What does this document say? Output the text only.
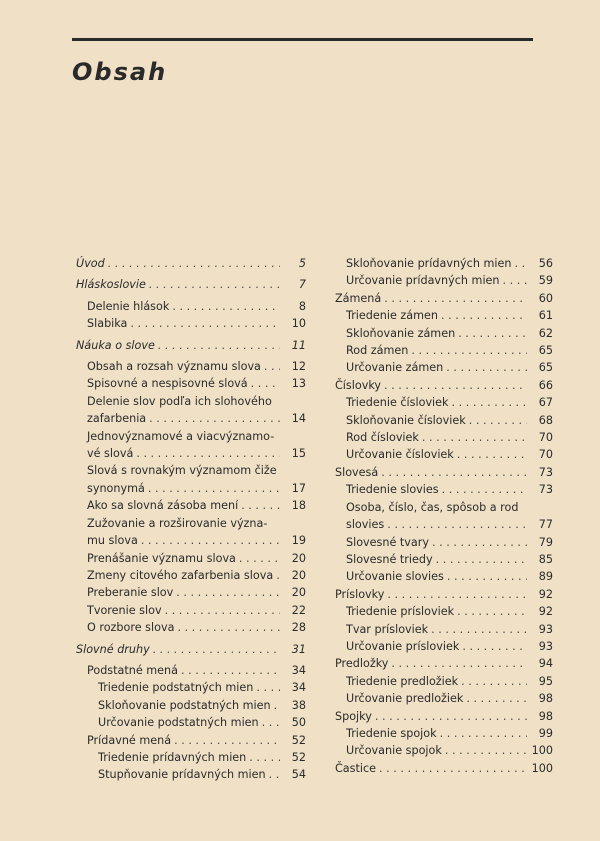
Obsah
Úvod . . .	5
Hláskoslovie . . .	7
Delenie hlások . . .	8
Slabika . . .	10
Náuka o slove . . .	11
Obsah a rozsah významu slova . . .	12
Spisovné a nespisovné slová . . .	13
Delenie slov podľa ich slohového
zafarbenia . . .	14
Jednovýznamové a viacvýznamo-
vé slová . . .	15
Slová s rovnakým významom čiže
synonymá . . .	17
Ako sa slovná zásoba mení . . .	18
Zužovanie a rozširovanie význa-
mu slova . . .	19
Prenášanie významu slova . . .	20
Zmeny citového zafarbenia slova . . .	20
Preberanie slov . . .	20
Tvorenie slov . . .	22
O rozbore slova . . .	28
Slovné druhy . . .	31
Podstatné mená . . .	34
Triedenie podstatných mien . . .	34
Skloňovanie podstatných mien . . .	38
Určovanie podstatných mien . . .	50
Prídavné mená . . .	52
Triedenie prídavných mien . . .	52
Stupňovanie prídavných mien . . .	54
Skloňovanie prídavných mien . . .	56
Určovanie prídavných mien . . .	59
Zámená . . .	60
Triedenie zámen . . .	61
Skloňovanie zámen . . .	62
Rod zámen . . .	65
Určovanie zámen . . .	65
Číslovky . . .	66
Triedenie čísloviek . . .	67
Skloňovanie čísloviek . . .	68
Rod čísloviek . . .	70
Určovanie čísloviek . . .	70
Slovesá . . .	73
Triedenie slovies . . .	73
Osoba, číslo, čas, spôsob a rod
slovies . . .	77
Slovesné tvary . . .	79
Slovesné triedy . . .	85
Určovanie slovies . . .	89
Príslovky . . .	92
Triedenie prísloviek . . .	92
Tvar prísloviek . . .	93
Určovanie prísloviek . . .	93
Predložky . . .	94
Triedenie predložiek . . .	95
Určovanie predložiek . . .	98
Spojky . . .	98
Triedenie spojok . . .	99
Určovanie spojok . . .	100
Častice . . .	100
